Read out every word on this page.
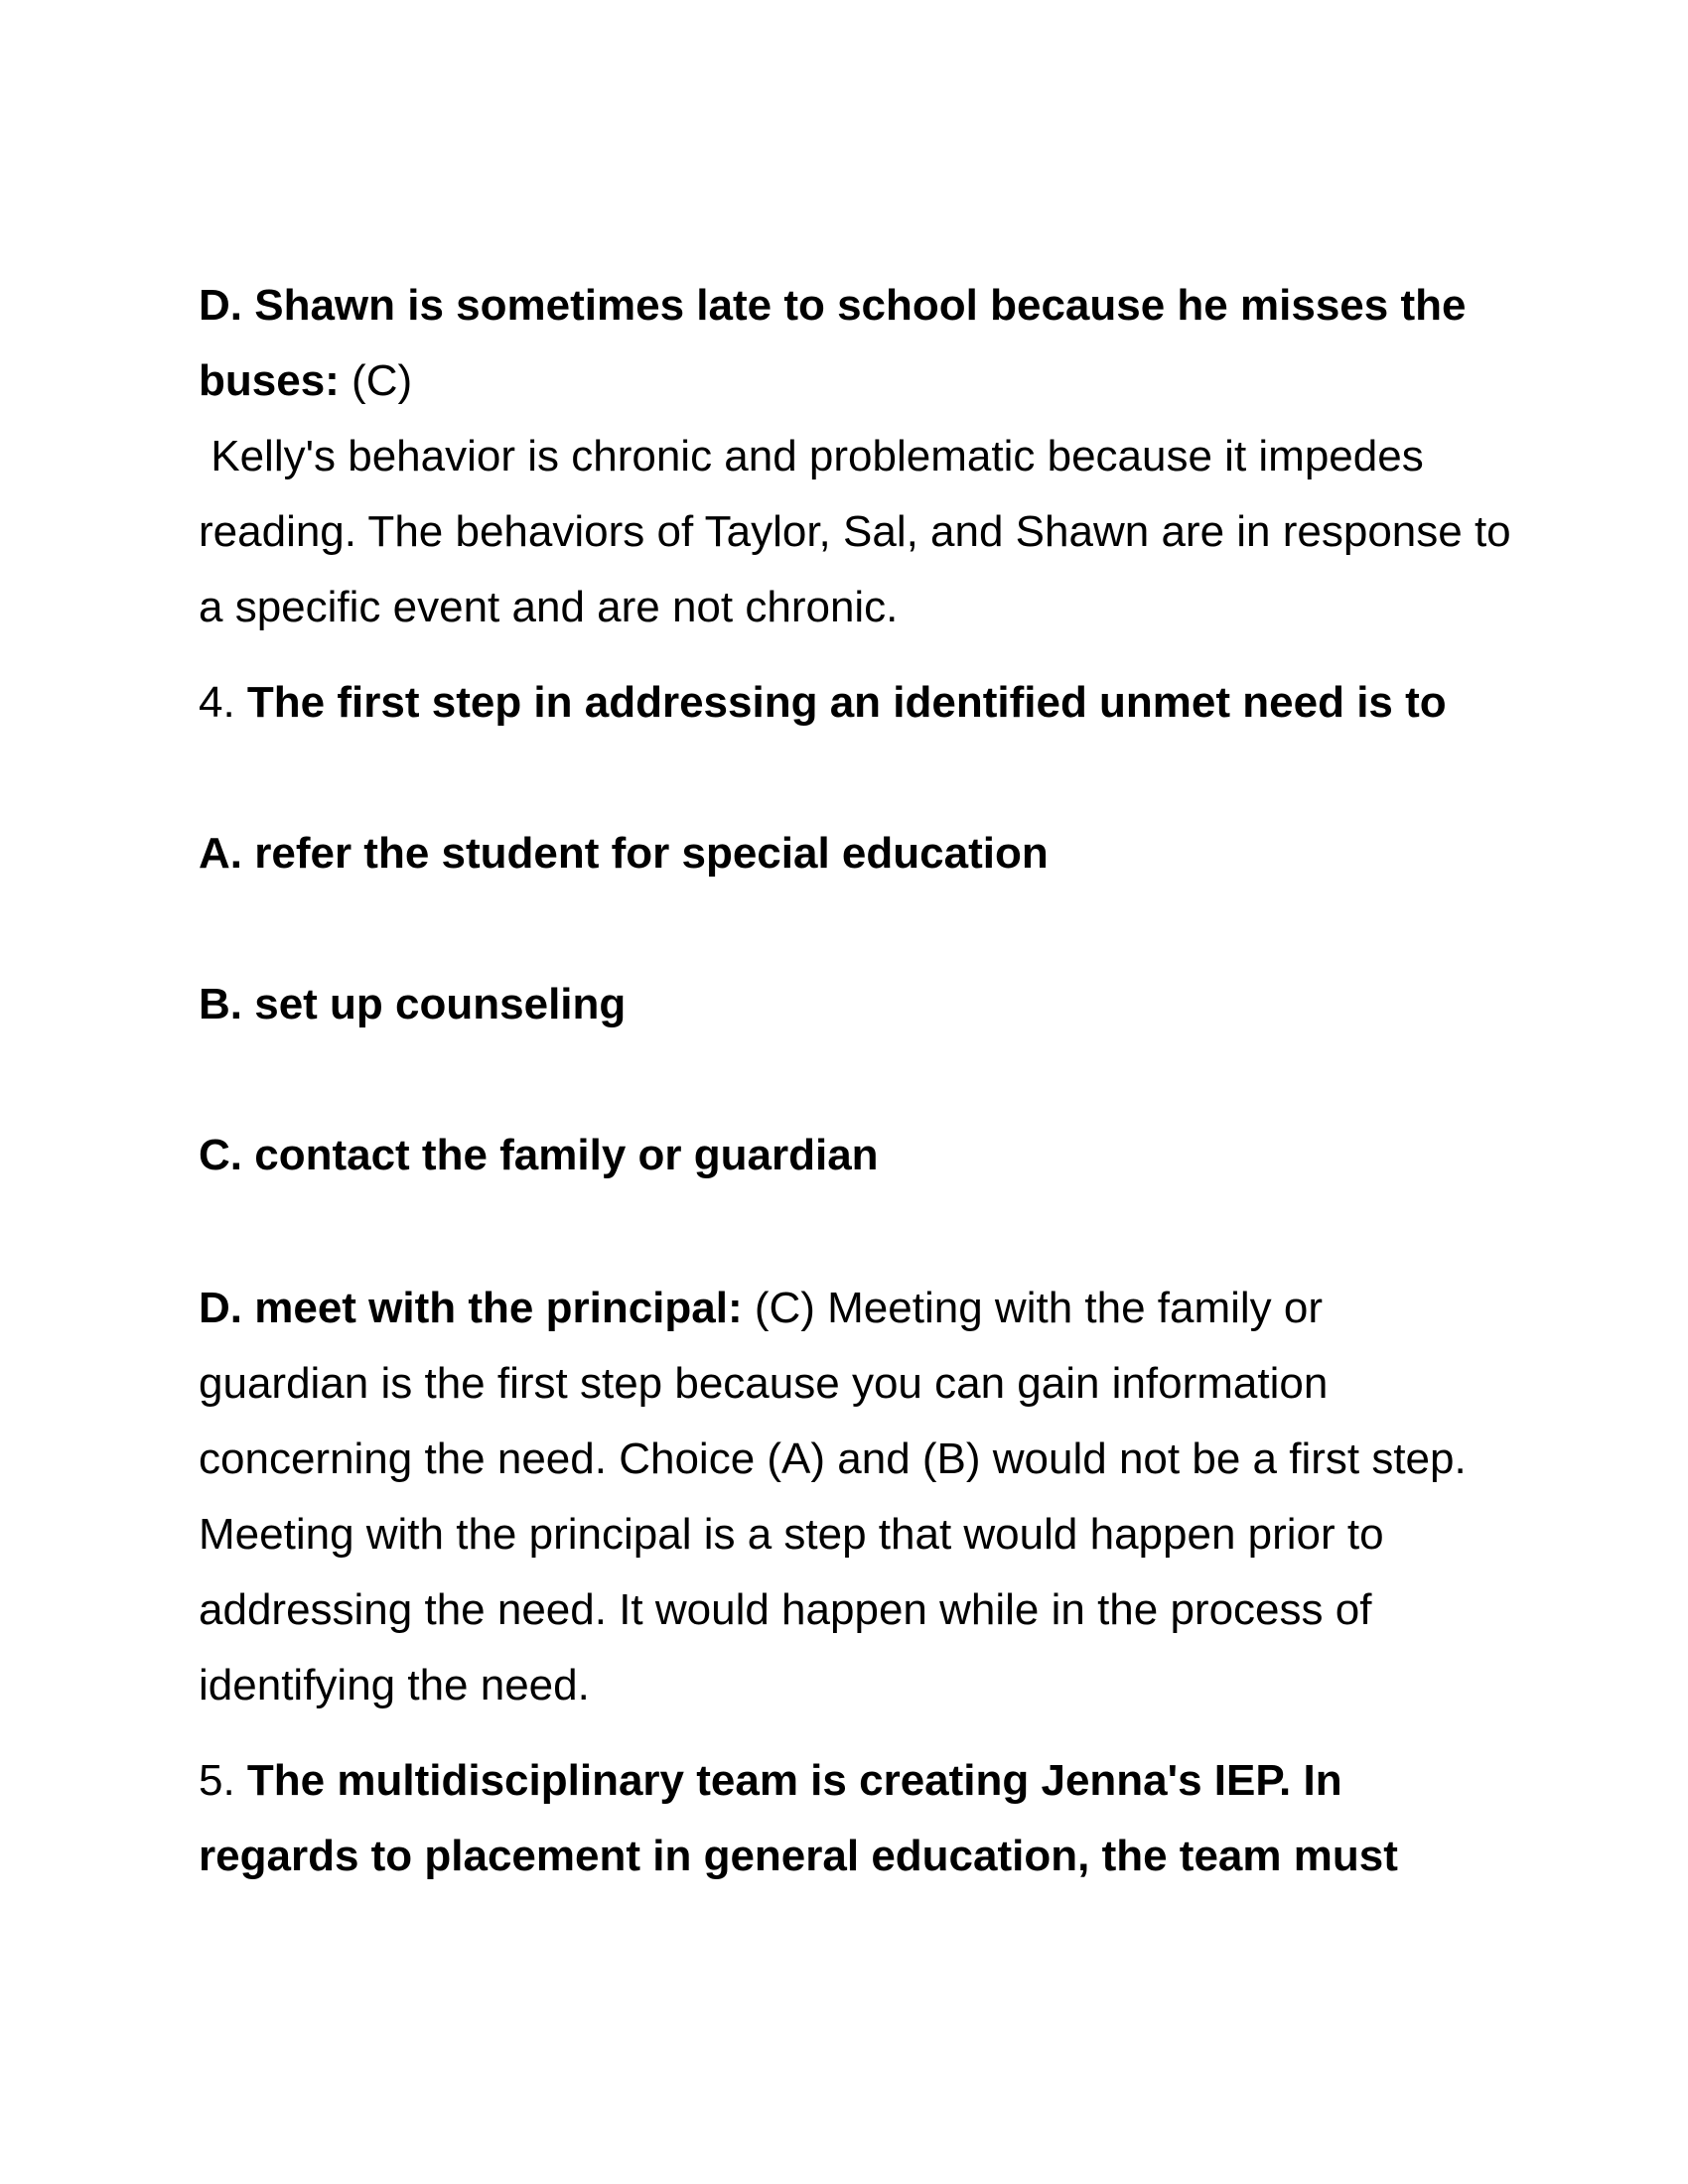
D. Shawn is sometimes late to school because he misses the buses: (C)
Kelly's behavior is chronic and problematic because it impedes reading. The behaviors of Taylor, Sal, and Shawn are in response to a specific event and are not chronic.

4. The first step in addressing an identified unmet need is to

A. refer the student for special education

B. set up counseling

C. contact the family or guardian

D. meet with the principal: (C) Meeting with the family or guardian is the first step because you can gain information concerning the need. Choice (A) and (B) would not be a first step. Meeting with the principal is a step that would happen prior to addressing the need. It would happen while in the process of identifying the need.

5. The multidisciplinary team is creating Jenna's IEP. In regards to placement in general education, the team must
